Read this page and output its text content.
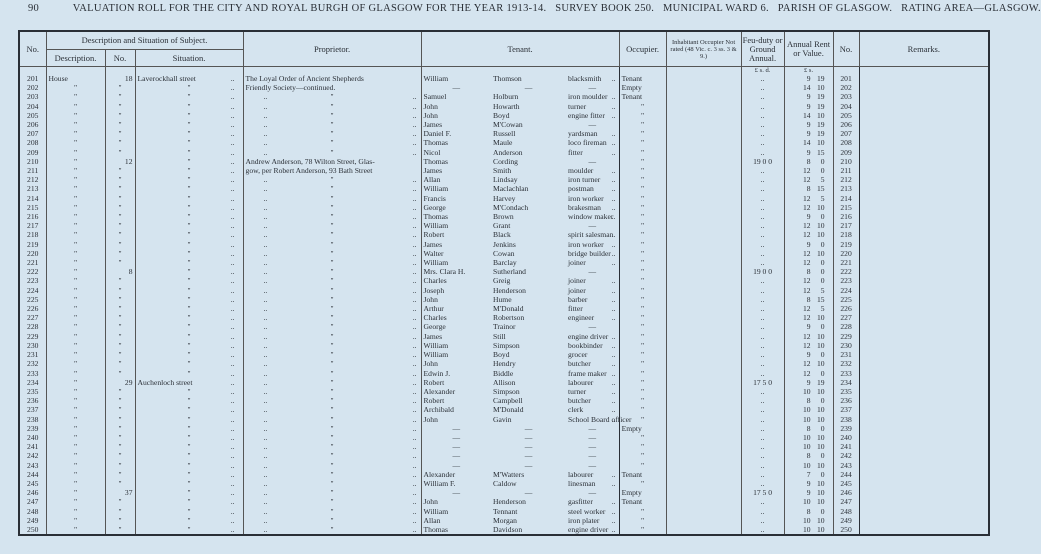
90	VALUATION ROLL FOR THE CITY AND ROYAL BURGH OF GLASGOW FOR THE YEAR 1913-14. SURVEY BOOK 250. MUNICIPAL WARD 6. PARISH OF GLASGOW. RATING AREA—GLASGOW.
No.	Description and Situation of Subject.			Proprietor.	Tenant.			Occupier.	Inhabitant Occupier Not rated (48 Vic. c. 3 ss. 3 & 9.)	Feu-duty or Ground Annual.	Annual Rent or Value.	No.	Remarks.
	Description.	No.	Situation.										
										£ s. d.	£ s.		
201	House	18	Laverockhall street ..	The Loyal Order of Ancient Shepherds	William	Thomson	blacksmith ..	Tenant		..	9 19	201	
202	"	"	" ..	Friendly Society—continued.	—	—	—	Empty		..	14 10	202	
203	"	"	" ..	.. " ..	Samuel	Holburn	iron moulder ..	Tenant		..	9 19	203	
204	"	"	" ..	.. " ..	John	Howarth	turner ..	"		..	9 19	204	
205	"	"	" ..	.. " ..	John	Boyd	engine fitter ..	"		..	14 10	205	
206	"	"	" ..	.. " ..	James	M'Cowan	—	"		..	9 19	206	
207	"	"	" ..	.. " ..	Daniel F.	Russell	yardsman ..	"		..	9 19	207	
208	"	"	" ..	.. " ..	Thomas	Maule	loco fireman ..	"		..	14 10	208	
209	"	"	" ..	.. " ..	Nicol	Anderson	fitter ..	"		..	9 15	209	
210	"	12	" ..	Andrew Anderson, 78 Wilton Street, Glas-	Thomas	Cording	—	"		19 0 0	8 0	210	
211	"	"	" ..	gow, per Robert Anderson, 93 Bath Street	James	Smith	moulder ..	"		..	12 0	211	
212	"	"	" ..	.. " ..	Allan	Lindsay	iron turner ..	"		..	12 5	212	
213	"	"	" ..	.. " ..	William	Maclachlan	postman ..	"		..	8 15	213	
214	"	"	" ..	.. " ..	Francis	Harvey	iron worker ..	"		..	12 5	214	
215	"	"	" ..	.. " ..	George	M'Condach	brakesman ..	"		..	12 10	215	
216	"	"	" ..	.. " ..	Thomas	Brown	window maker ..	"		..	9 0	216	
217	"	"	" ..	.. " ..	William	Grant	—	"		..	12 10	217	
218	"	"	" ..	.. " ..	Robert	Black	spirit salesman ..	"		..	12 10	218	
219	"	"	" ..	.. " ..	James	Jenkins	iron worker ..	"		..	9 0	219	
220	"	"	" ..	.. " ..	Walter	Cowan	bridge builder ..	"		..	12 10	220	
221	"	"	" ..	.. " ..	William	Barclay	joiner ..	"		..	12 0	221	
222	"	8	" ..	.. " ..	Mrs. Clara H.	Sutherland	—	"		19 0 0	8 0	222	
223	"	"	" ..	.. " ..	Charles	Greig	joiner ..	"		..	12 0	223	
224	"	"	" ..	.. " ..	Joseph	Henderson	joiner ..	"		..	12 5	224	
225	"	"	" ..	.. " ..	John	Hume	barber ..	"		..	8 15	225	
226	"	"	" ..	.. " ..	Arthur	M'Donald	fitter ..	"		..	12 5	226	
227	"	"	" ..	.. " ..	Charles	Robertson	engineer ..	"		..	12 10	227	
228	"	"	" ..	.. " ..	George	Trainor	—	"		..	9 0	228	
229	"	"	" ..	.. " ..	James	Still	engine driver ..	"		..	12 10	229	
230	"	"	" ..	.. " ..	William	Simpson	bookbinder ..	"		..	12 10	230	
231	"	"	" ..	.. " ..	William	Boyd	grocer ..	"		..	9 0	231	
232	"	"	" ..	.. " ..	John	Hendry	butcher ..	"		..	12 10	232	
233	"	"	" ..	.. " ..	Edwin J.	Biddle	frame maker ..	"		..	12 0	233	
234	"	29	Auchenloch street ..	.. " ..	Robert	Allison	labourer ..	"		17 5 0	9 19	234	
235	"	"	" ..	.. " ..	Alexander	Simpson	turner ..	"		..	10 10	235	
236	"	"	" ..	.. " ..	Robert	Campbell	butcher ..	"		..	8 0	236	
237	"	"	" ..	.. " ..	Archibald	M'Donald	clerk ..	"		..	10 10	237	
238	"	"	" ..	.. " ..	John	Gavin	School Board officer ..	"		..	10 10	238	
239	"	"	" ..	.. " ..	—	—	—	Empty		..	8 0	239	
240	"	"	" ..	.. " ..	—	—	—	"		..	10 10	240	
241	"	"	" ..	.. " ..	—	—	—	"		..	10 10	241	
242	"	"	" ..	.. " ..	—	—	—	"		..	8 0	242	
243	"	"	" ..	.. " ..	—	—	—	"		..	10 10	243	
244	"	"	" ..	.. " ..	Alexander	M'Watters	labourer ..	Tenant		..	7 0	244	
245	"	"	" ..	.. " ..	William F.	Caldow	linesman ..	"		..	9 10	245	
246	"	37	" ..	.. " ..	—	—	—	Empty		17 5 0	9 10	246	
247	"	"	" ..	.. " ..	John	Henderson	gasfitter ..	Tenant		..	10 10	247	
248	"	"	" ..	.. " ..	William	Tennant	steel worker ..	"		..	8 0	248	
249	"	"	" ..	.. " ..	Allan	Morgan	iron plater ..	"		..	10 10	249	
250	"	"	" ..	.. " ..	Thomas	Davidson	engine driver ..	"		..	10 10	250	
